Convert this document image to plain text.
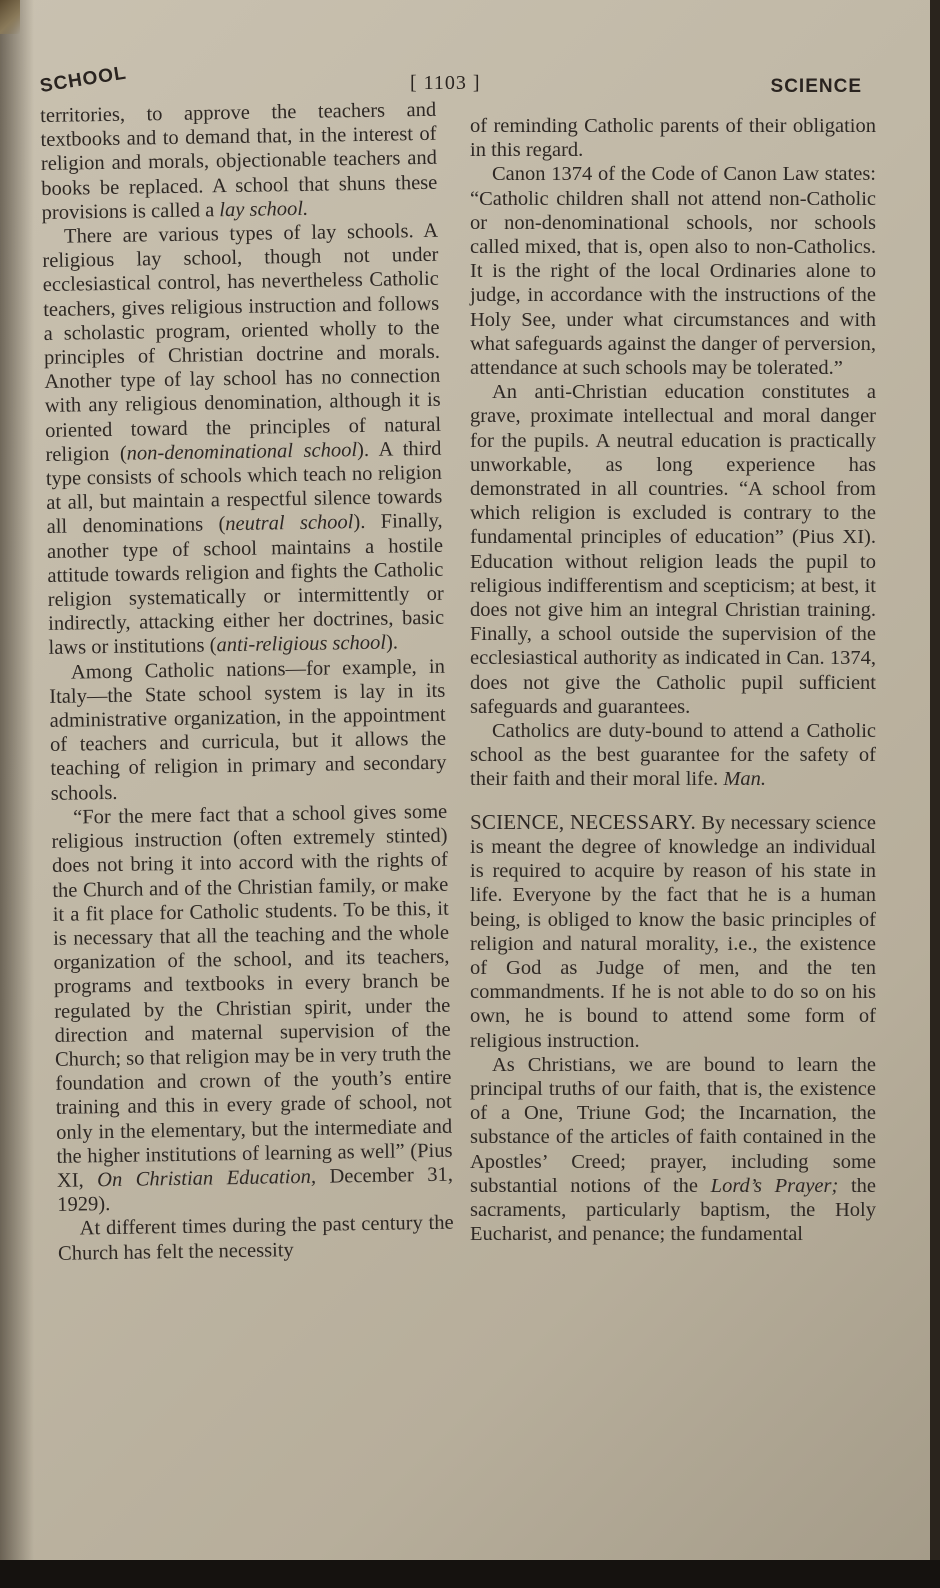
SCHOOL	[ 1103 ]	SCIENCE

territories, to approve the teachers and textbooks and to demand that, in the interest of religion and morals, objectionable teachers and books be replaced. A school that shuns these provisions is called a lay school.

There are various types of lay schools. A religious lay school, though not under ecclesiastical control, has nevertheless Catholic teachers, gives religious instruction and follows a scholastic program, oriented wholly to the principles of Christian doctrine and morals. Another type of lay school has no connection with any religious denomination, although it is oriented toward the principles of natural religion (non-denominational school). A third type consists of schools which teach no religion at all, but maintain a respectful silence towards all denominations (neutral school). Finally, another type of school maintains a hostile attitude towards religion and fights the Catholic religion systematically or intermittently or indirectly, attacking either her doctrines, basic laws or institutions (anti-religious school).

Among Catholic nations—for example, in Italy—the State school system is lay in its administrative organization, in the appointment of teachers and curricula, but it allows the teaching of religion in primary and secondary schools.

“For the mere fact that a school gives some religious instruction (often extremely stinted) does not bring it into accord with the rights of the Church and of the Christian family, or make it a fit place for Catholic students. To be this, it is necessary that all the teaching and the whole organization of the school, and its teachers, programs and textbooks in every branch be regulated by the Christian spirit, under the direction and maternal supervision of the Church; so that religion may be in very truth the foundation and crown of the youth’s entire training and this in every grade of school, not only in the elementary, but the intermediate and the higher institutions of learning as well” (Pius XI, On Christian Education, December 31, 1929).

At different times during the past century the Church has felt the necessity

of reminding Catholic parents of their obligation in this regard.

Canon 1374 of the Code of Canon Law states: “Catholic children shall not attend non-Catholic or non-denominational schools, nor schools called mixed, that is, open also to non-Catholics. It is the right of the local Ordinaries alone to judge, in accordance with the instructions of the Holy See, under what circumstances and with what safeguards against the danger of perversion, attendance at such schools may be tolerated.”

An anti-Christian education constitutes a grave, proximate intellectual and moral danger for the pupils. A neutral education is practically unworkable, as long experience has demonstrated in all countries. “A school from which religion is excluded is contrary to the fundamental principles of education” (Pius XI). Education without religion leads the pupil to religious indifferentism and scepticism; at best, it does not give him an integral Christian training. Finally, a school outside the supervision of the ecclesiastical authority as indicated in Can. 1374, does not give the Catholic pupil sufficient safeguards and guarantees.

Catholics are duty-bound to attend a Catholic school as the best guarantee for the safety of their faith and their moral life. Man.

SCIENCE, NECESSARY. By necessary science is meant the degree of knowledge an individual is required to acquire by reason of his state in life. Everyone by the fact that he is a human being, is obliged to know the basic principles of religion and natural morality, i.e., the existence of God as Judge of men, and the ten commandments. If he is not able to do so on his own, he is bound to attend some form of religious instruction.

As Christians, we are bound to learn the principal truths of our faith, that is, the existence of a One, Triune God; the Incarnation, the substance of the articles of faith contained in the Apostles’ Creed; prayer, including some substantial notions of the Lord’s Prayer; the sacraments, particularly baptism, the Holy Eucharist, and penance; the fundamental
